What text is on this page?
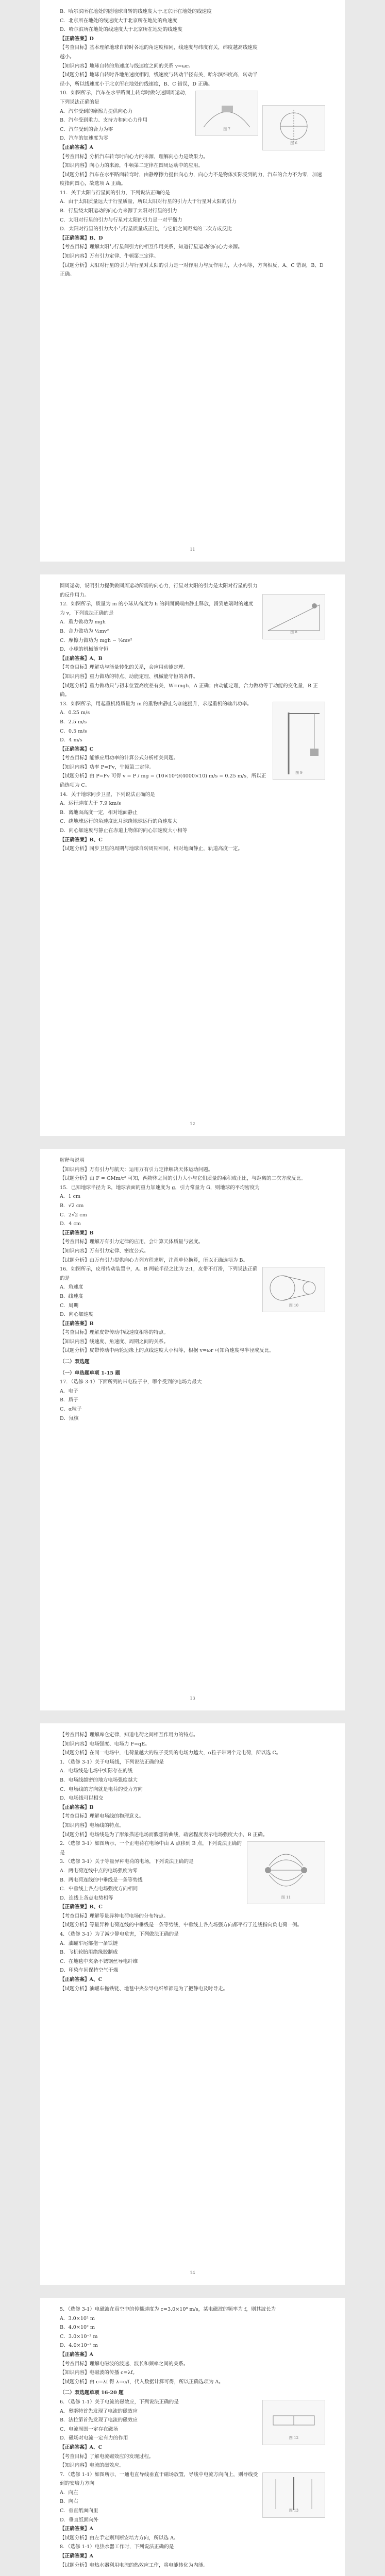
图 6

B．哈尔滨所在地处的随地球自转的线速度大于北京所在地处的线速度

C．北京所在地处的线速度大于北京所在地处的角速度

D．哈尔滨所在地处的线速度大于北京所在地处的线速度

【正确答案】D

【考查目标】基本理解地球自转时各地的角速度相同，线速度与纬度有关，纬度越高线速度越小。

【知识内容】地球自转的角速度与线速度之间的关系 v=ωr。

【试题分析】地球自转时各地角速度相同，线速度与转动半径有关，哈尔滨纬度高，转动半径小，所以线速度小于北京所在地处的线速度，B、C 错误，D 正确。

图 7

10．如图所示，汽车在水平路面上转弯时做匀速圆周运动，下列说法正确的是

A．汽车受到的摩擦力提供向心力

B．汽车受到重力、支持力和向心力作用

C．汽车受到的合力为零

D．汽车的加速度为零

【正确答案】A

【考查目标】分析汽车转弯时向心力的来源，理解向心力是效果力。

【知识内容】向心力的来源，牛顿第二定律在圆周运动中的应用。

【试题分析】汽车在水平路面转弯时，由静摩擦力提供向心力，向心力不是物体实际受到的力，汽车的合力不为零，加速度指向圆心，故选项 A 正确。

11．关于太阳与行星间的引力，下列说法正确的是

A．由于太阳质量远大于行星质量，所以太阳对行星的引力大于行星对太阳的引力

B．行星绕太阳运动的向心力来源于太阳对行星的引力

C．太阳对行星的引力与行星对太阳的引力是一对平衡力

D．太阳对行星的引力大小与行星质量成正比，与它们之间距离的二次方成反比

【正确答案】B、D

【考查目标】理解太阳与行星间引力的相互作用关系，知道行星运动的向心力来源。

【知识内容】万有引力定律、牛顿第三定律。

【试题分析】太阳对行星的引力与行星对太阳的引力是一对作用力与反作用力，大小相等，方向相反，A、C 错误，B、D 正确。

11
图 8

圆周运动，说明引力提供做圆周运动所需的向心力，行星对太阳的引力是太阳对行星的引力的反作用力。

12．如图所示，质量为 m 的小球从高度为 h 的斜面顶端由静止释放，滑到底端时的速度为 v，下列说法正确的是

A．重力做功为 mgh

B．合力做功为 ½mv²

C．摩擦力做功为 mgh − ½mv²

D．小球的机械能守恒

【正确答案】A、B

【考查目标】理解功与能量转化的关系，会应用动能定理。

【知识内容】重力做功的特点、动能定理、机械能守恒的条件。

【试题分析】重力做功只与初末位置高度差有关，W=mgh，A 正确；由动能定理，合力做功等于动能的变化量，B 正确。

图 9

13．如图所示，用起重机将质量为 m 的重物由静止匀加速提升，求起重机的输出功率。

A．0.25 m/s

B．2.5 m/s

C．0.5 m/s

D．4 m/s

【正确答案】C

【考查目标】能够应用功率的计算公式分析相关问题。

【知识内容】功率 P=Fv，牛顿第二定律。

【试题分析】由 P=Fv 可得 v = P / mg = (10×10³)/(4000×10) m/s = 0.25 m/s，所以正确选项为 C。

14．关于地球同步卫星，下列说法正确的是

A．运行速度大于 7.9 km/s

B．离地面高度一定，相对地面静止

C．绕地球运行的角速度比月球绕地球运行的角速度大

D．向心加速度与静止在赤道上物体的向心加速度大小相等

【正确答案】B、C

【试题分析】同步卫星的周期与地球自转周期相同，相对地面静止，轨道高度一定。

12

解释与说明

【知识内容】万有引力与航天：运用万有引力定律解决天体运动问题。

【试题分析】由 F = GMm/r² 可知，两物体之间的引力大小与它们质量的乘积成正比，与距离的二次方成反比。

15．已知地球半径为 R，地球表面的重力加速度为 g，引力常量为 G，则地球的平均密度为

A．1 cm

B．√2 cm

C．2√2 cm

D．4 cm

【正确答案】B

【考查目标】理解万有引力定律的应用，会计算天体质量与密度。

【知识内容】万有引力定律、密度公式。

【试题分析】由万有引力提供向心力列方程求解，注意单位换算，所以正确选项为 B。

图 10

16．如图所示，皮带传动装置中，A、B 两轮半径之比为 2:1，皮带不打滑，下列说法正确的是

A．角速度

B．线速度

C．周期

D．向心加速度

【正确答案】B

【考查目标】理解皮带传动中线速度相等的特点。

【知识内容】线速度、角速度、周期之间的关系。

【试题分析】皮带传动中两轮边缘上的点线速度大小相等，根据 v=ωr 可知角速度与半径成反比。

（二）双选题

（一）单选题单项 1-15 题

17．（选修 3-1）下面所列的带电粒子中，哪个受到的电场力最大

A．电子

B．质子

C．α粒子

D．氘核

13

【考查目标】理解库仑定律，知道电荷之间相互作用力的特点。

【知识内容】电场强度、电场力 F=qE。

【试题分析】在同一电场中，电荷量越大的粒子受到的电场力越大，α粒子带两个元电荷，所以选 C。

1．（选修 3-1）关于电场线，下列说法正确的是

A．电场线是电场中实际存在的线

B．电场线越密的地方电场强度越大

C．电场线的方向就是电荷的受力方向

D．电场线可以相交

【正确答案】B

【考查目标】理解电场线的物理意义。

【知识内容】电场线的特点。

【试题分析】电场线是为了形象描述电场而假想的曲线，疏密程度表示电场强度大小，B 正确。

图 11

2．（选修 3-1）如图所示，一个正电荷在电场中由 A 点移到 B 点，下列说法正确的是

3．（选修 3-1）关于等量异种电荷的电场，下列说法正确的是

A．两电荷连线中点的电场强度为零

B．两电荷连线的中垂线是一条等势线

C．中垂线上各点电场强度方向相同

D．连线上各点电势相等

【正确答案】B、C

【考查目标】理解等量异种电荷电场的分布特点。

【试题分析】等量异种电荷连线的中垂线是一条等势线，中垂线上各点场强方向都平行于连线指向负电荷一侧。

4．（选修 3-1）为了减少静电危害，下列做法正确的是

A．油罐车尾部拖一条铁链

B．飞机轮胎用绝缘胶制成

C．在地毯中夹杂不锈钢丝导电纤维

D．印染车间保持空气干燥

【正确答案】A、C

【试题分析】油罐车拖铁链、地毯中夹杂导电纤维都是为了把静电及时导走。

14

5．（选修 3-1）电磁波在真空中的传播速度为 c=3.0×10⁸ m/s，某电磁波的频率为 f，则其波长为

A．3.0×10² m

B．4.0×10² m

C．3.0×10⁻² m

D．4.0×10⁻² m

【正确答案】A

【考查目标】理解电磁波的波速、波长和频率之间的关系。

【知识内容】电磁波的传播 c=λf。

【试题分析】由 c=λf 得 λ=c/f，代入数据计算可得，所以正确选项为 A。

（二）双选题单项 16-20 题

图 12

6．（选修 1-1）关于电流的磁效应，下列说法正确的是

A．奥斯特首先发现了电流的磁效应

B．法拉第首先发现了电流的磁效应

C．电流周围一定存在磁场

D．磁场对电流一定有力的作用

【正确答案】A、C

【考查目标】了解电流磁效应的发现过程。

【知识内容】电流的磁效应。

图 13

7．（选修 1-1）如图所示，一通电直导线垂直于磁场放置，导线中电流方向向上，则导线受到的安培力方向

A．向左

B．向右

C．垂直纸面向里

D．垂直纸面向外

【正确答案】A

【试题分析】由左手定则判断安培力方向，所以选 A。

8．（选修 1-1）电热水器工作时，下列说法正确的是

【正确答案】A

【试题分析】电热水器利用电流的热效应工作，将电能转化为内能。
